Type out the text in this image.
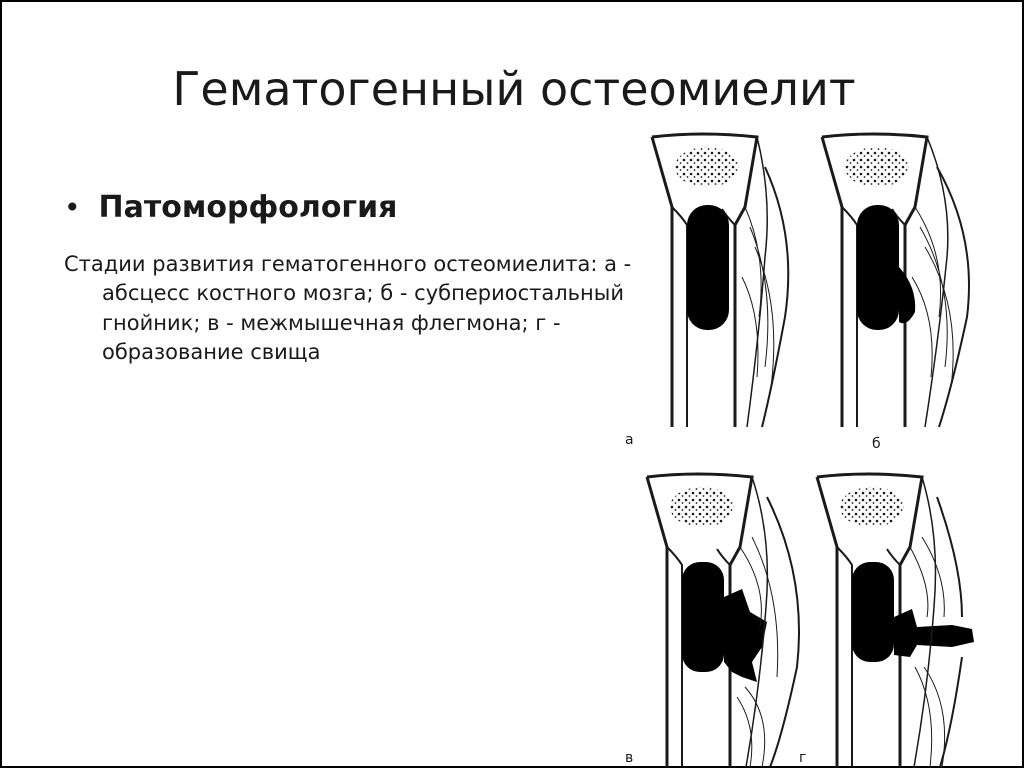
Гематогенный остеомиелит
• Патоморфология
Стадии развития гематогенного остеомиелита: а - абсцесс костного мозга; б - субпериостальный гнойник; в - межмышечная флегмона; г - образование свища
а	б
в	г
